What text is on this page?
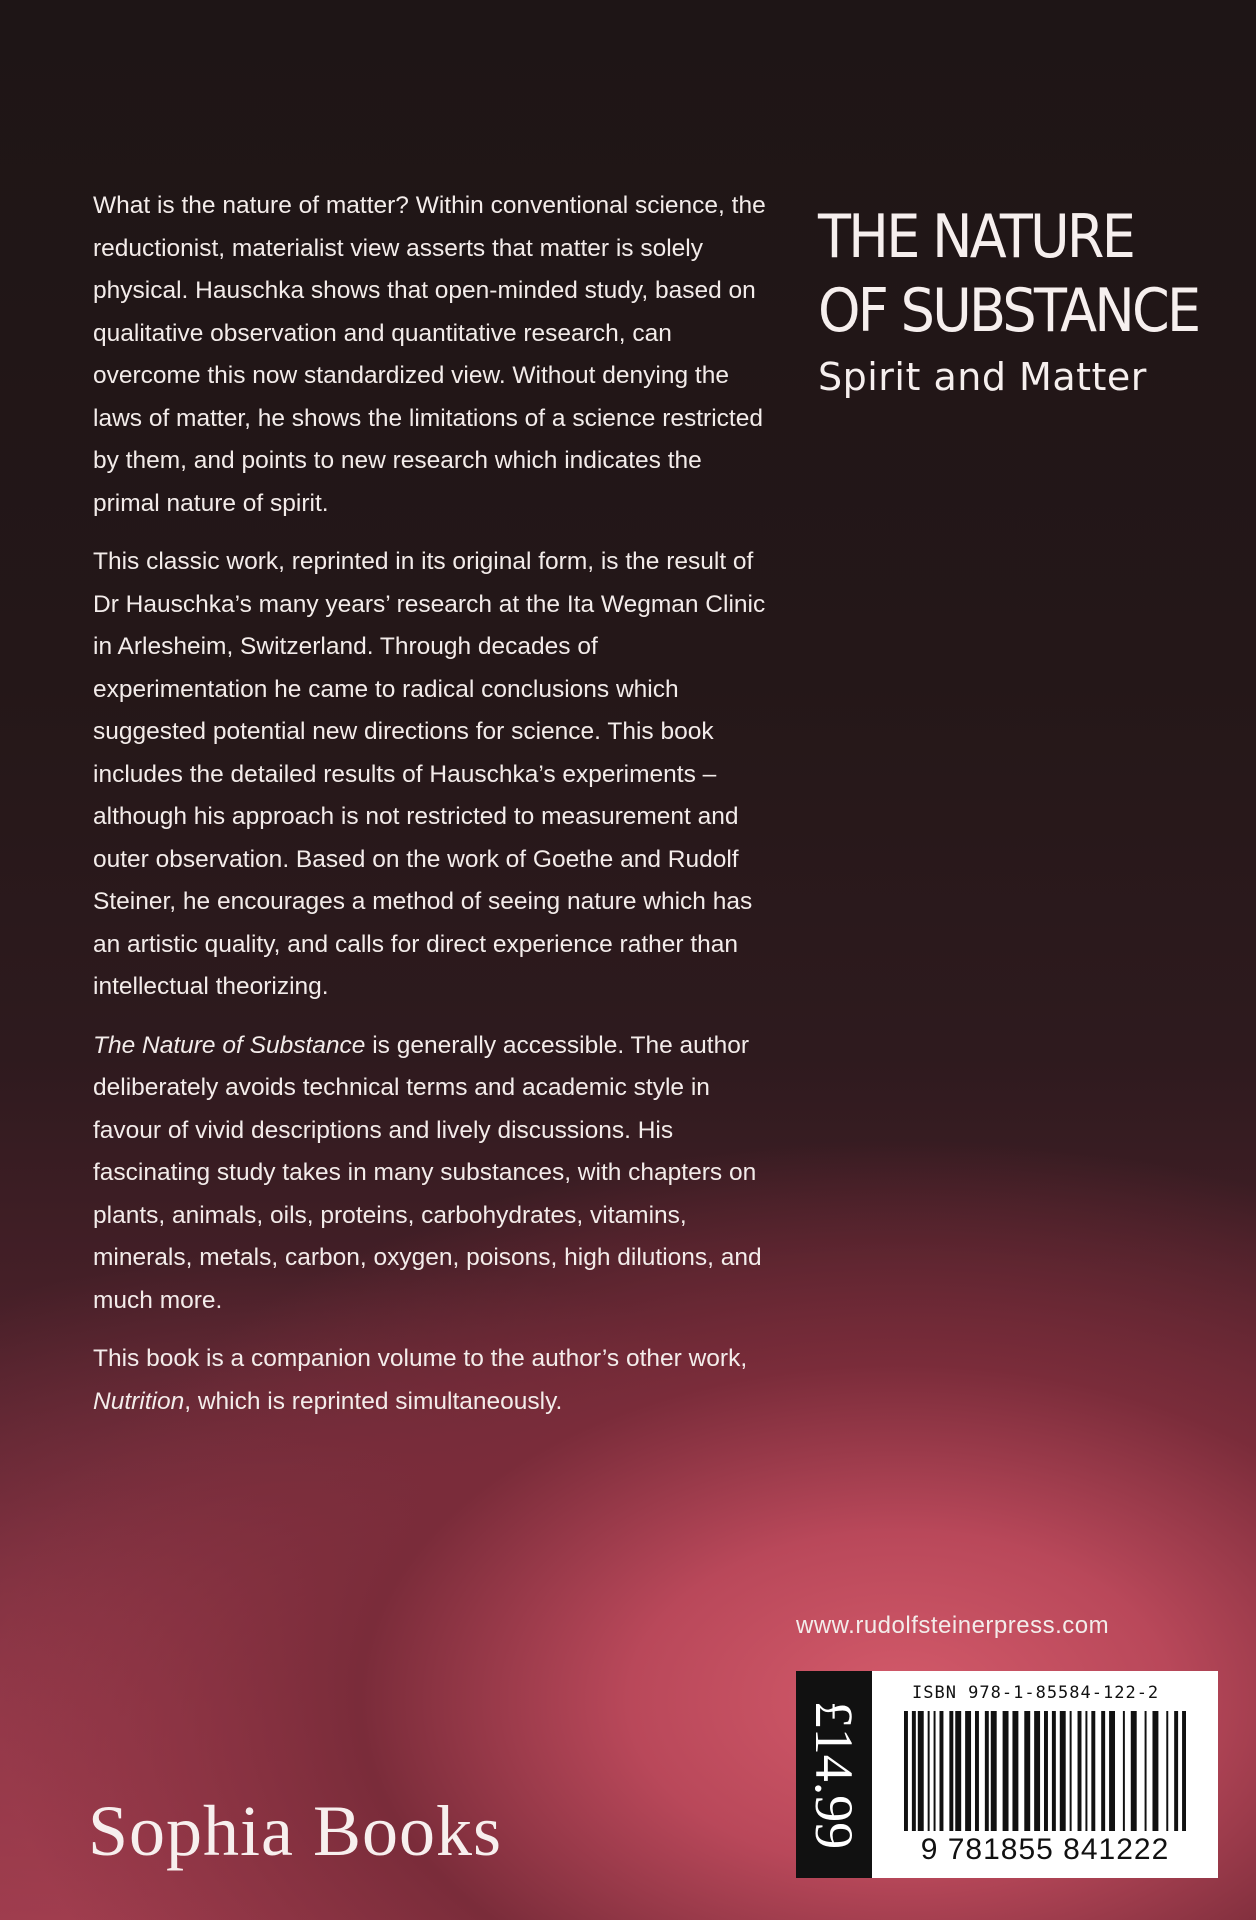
What is the nature of matter? Within conventional science, the reductionist, materialist view asserts that matter is solely physical. Hauschka shows that open-minded study, based on qualitative observation and quantitative research, can overcome this now standardized view. Without denying the laws of matter, he shows the limitations of a science restricted by them, and points to new research which indicates the primal nature of spirit.

This classic work, reprinted in its original form, is the result of Dr Hauschka’s many years’ research at the Ita Wegman Clinic in Arlesheim, Switzerland. Through decades of experimentation he came to radical conclusions which suggested potential new directions for science. This book includes the detailed results of Hauschka’s experiments – although his approach is not restricted to measurement and outer observation. Based on the work of Goethe and Rudolf Steiner, he encourages a method of seeing nature which has an artistic quality, and calls for direct experience rather than intellectual theorizing.

The Nature of Substance is generally accessible. The author deliberately avoids technical terms and academic style in favour of vivid descriptions and lively discussions. His fascinating study takes in many substances, with chapters on plants, animals, oils, proteins, carbohydrates, vitamins, minerals, metals, carbon, oxygen, poisons, high dilutions, and much more.

This book is a companion volume to the author’s other work, Nutrition, which is reprinted simultaneously.

THE NATURE
OF SUBSTANCE
Spirit and Matter
www.rudolfsteinerpress.com
£14.99
ISBN 978-1-85584-122-2
9 781855 841222
Sophia Books
